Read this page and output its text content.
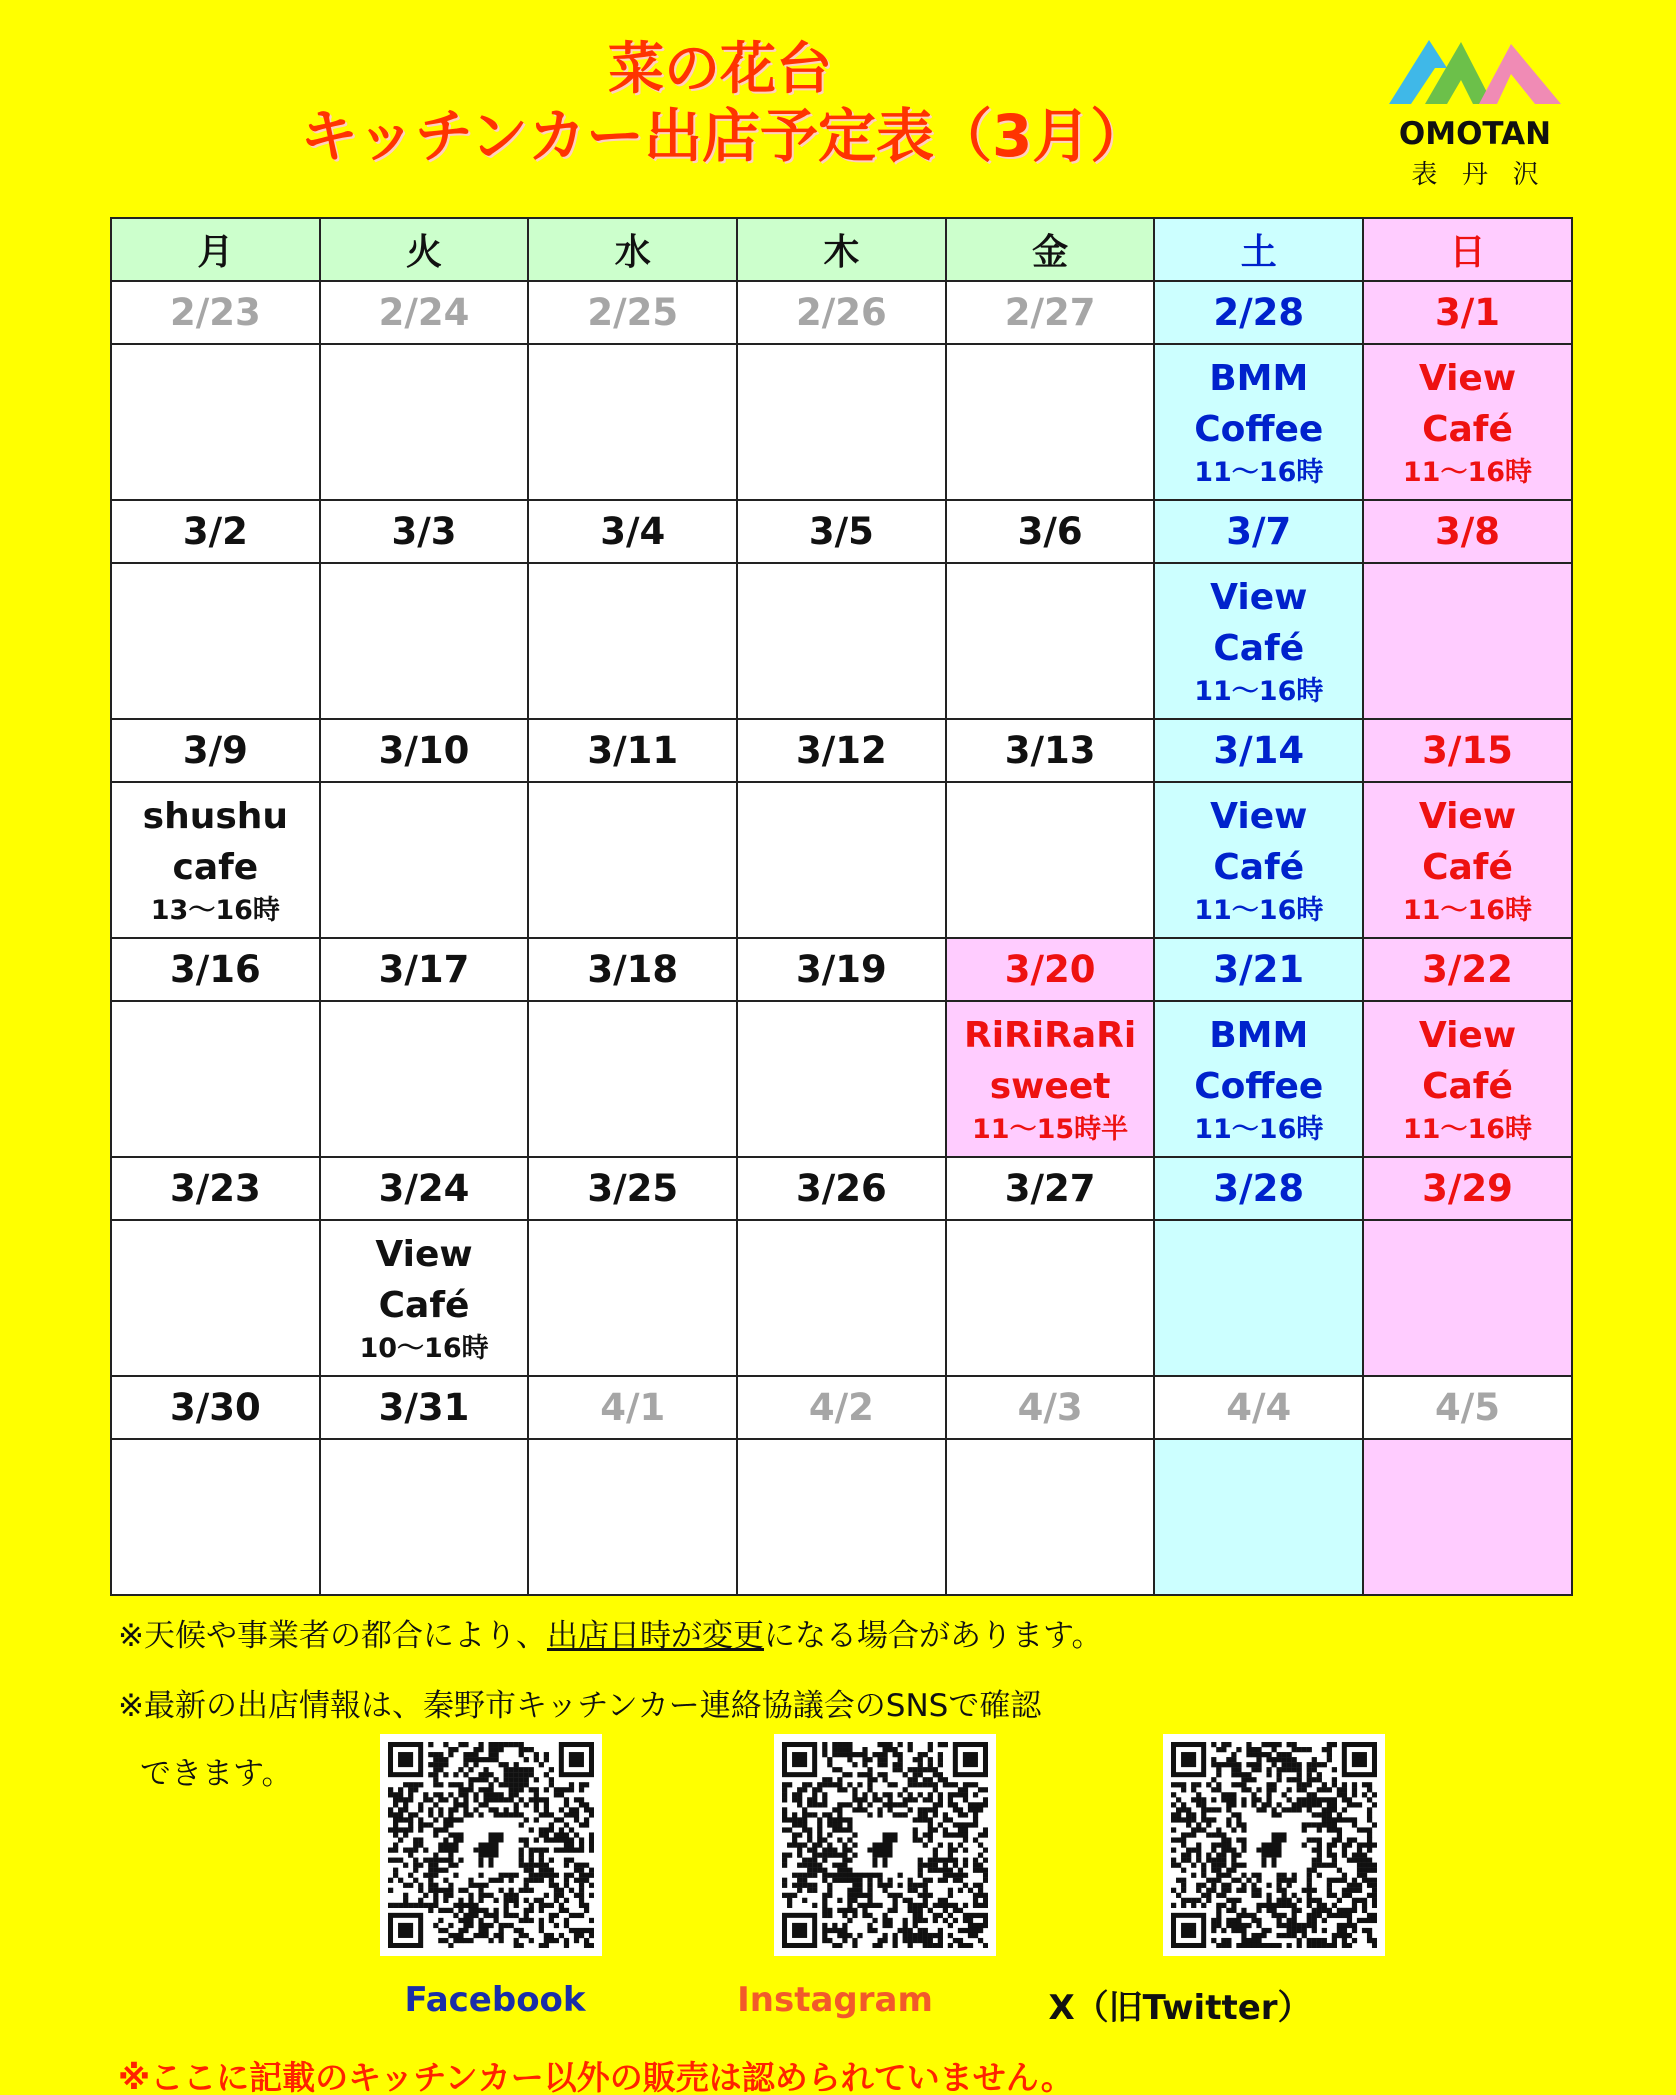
菜の花台
キッチンカー出店予定表（3月）	OMOTAN
表 丹 沢
月	火	水	木	金	土	日
2/23	2/24	2/25	2/26	2/27	2/28	3/1

					BMM
Coffee
11～16時	View
Café
11～16時

3/2	3/3	3/4	3/5	3/6	3/7	3/8

					View
Café
11～16時	

3/9	3/10	3/11	3/12	3/13	3/14	3/15

shushu
cafe
13～16時					View
Café
11～16時	View
Café
11～16時

3/16	3/17	3/18	3/19	3/20	3/21	3/22

				RiRiRaRi
sweet
11～15時半	BMM
Coffee
11～16時	View
Café
11～16時

3/23	3/24	3/25	3/26	3/27	3/28	3/29

	View
Café
10～16時					

3/30	3/31	4/1	4/2	4/3	4/4	4/5

※天候や事業者の都合により、出店日時が変更になる場合があります。
※最新の出店情報は、秦野市キッチンカー連絡協議会のSNSで確認
できます。
Facebook	Instagram	X（旧Twitter）
※ここに記載のキッチンカー以外の販売は認められていません。
